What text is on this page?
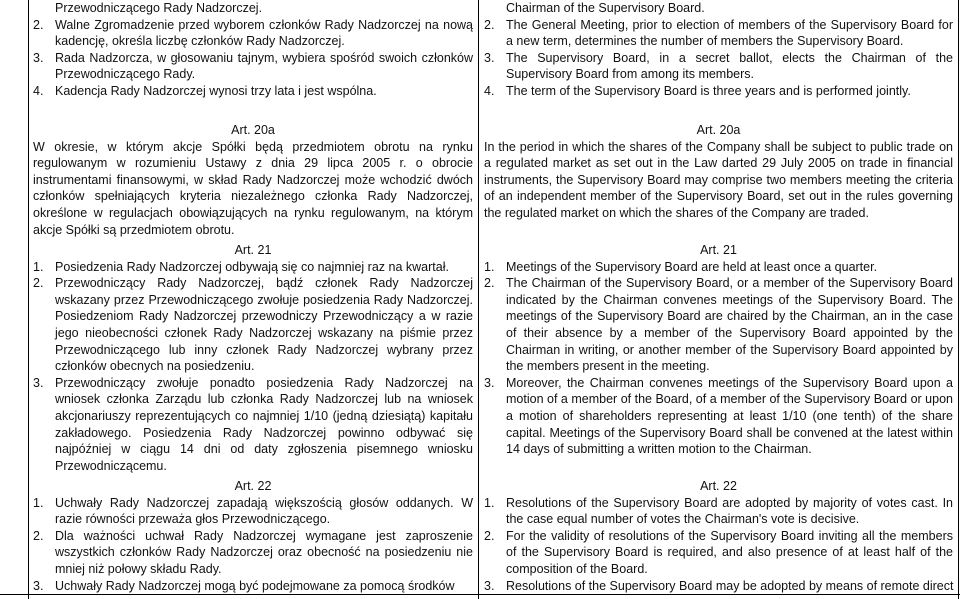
Przewodniczącego Rady Nadzorczej.

2. Walne Zgromadzenie przed wyborem członków Rady Nadzorczej na nową kadencję, określa liczbę członków Rady Nadzorczej.
3. Rada Nadzorcza, w głosowaniu tajnym, wybiera spośród swoich członków Przewodniczącego Rady.
4. Kadencja Rady Nadzorczej wynosi trzy lata i jest wspólna.

Art. 20a

W okresie, w którym akcje Spółki będą przedmiotem obrotu na rynku regulowanym w rozumieniu Ustawy z dnia 29 lipca 2005 r. o obrocie instrumentami finansowymi, w skład Rady Nadzorczej może wchodzić dwóch członków spełniających kryteria niezależnego członka Rady Nadzorczej, określone w regulacjach obowiązujących na rynku regulowanym, na którym akcje Spółki są przedmiotem obrotu.

Art. 21

1. Posiedzenia Rady Nadzorczej odbywają się co najmniej raz na kwartał.
2. Przewodniczący Rady Nadzorczej, bądź członek Rady Nadzorczej wskazany przez Przewodniczącego zwołuje posiedzenia Rady Nadzorczej. Posiedzeniom Rady Nadzorczej przewodniczy Przewodniczący a w razie jego nieobecności członek Rady Nadzorczej wskazany na piśmie przez Przewodniczącego lub inny członek Rady Nadzorczej wybrany przez członków obecnych na posiedzeniu.
3. Przewodniczący zwołuje ponadto posiedzenia Rady Nadzorczej na wniosek członka Zarządu lub członka Rady Nadzorczej lub na wniosek akcjonariuszy reprezentujących co najmniej 1/10 (jedną dziesiątą) kapitału zakładowego. Posiedzenia Rady Nadzorczej powinno odbywać się najpóźniej w ciągu 14 dni od daty zgłoszenia pisemnego wniosku Przewodniczącemu.

Art. 22

1. Uchwały Rady Nadzorczej zapadają większością głosów oddanych. W razie równości przeważa głos Przewodniczącego.
2. Dla ważności uchwał Rady Nadzorczej wymagane jest zaproszenie wszystkich członków Rady Nadzorczej oraz obecność na posiedzeniu nie mniej niż połowy składu Rady.
3. Uchwały Rady Nadzorczej mogą być podejmowane za pomocą środków

Chairman of the Supervisory Board.

2. The General Meeting, prior to election of members of the Supervisory Board for a new term, determines the number of members the Supervisory Board.
3. The Supervisory Board, in a secret ballot, elects the Chairman of the Supervisory Board from among its members.
4. The term of the Supervisory Board is three years and is performed jointly.

Art. 20a

In the period in which the shares of the Company shall be subject to public trade on a regulated market as set out in the Law darted 29 July 2005 on trade in financial instruments, the Supervisory Board may comprise two members meeting the criteria of an independent member of the Supervisory Board, set out in the rules governing the regulated market on which the shares of the Company are traded.

Art. 21

1. Meetings of the Supervisory Board are held at least once a quarter.
2. The Chairman of the Supervisory Board, or a member of the Supervisory Board indicated by the Chairman convenes meetings of the Supervisory Board. The meetings of the Supervisory Board are chaired by the Chairman, an in the case of their absence by a member of the Supervisory Board appointed by the Chairman in writing, or another member of the Supervisory Board appointed by the members present in the meeting.
3. Moreover, the Chairman convenes meetings of the Supervisory Board upon a motion of a member of the Board, of a member of the Supervisory Board or upon a motion of shareholders representing at least 1/10 (one tenth) of the share capital. Meetings of the Supervisory Board shall be convened at the latest within 14 days of submitting a written motion to the Chairman.

Art. 22

1. Resolutions of the Supervisory Board are adopted by majority of votes cast. In the case equal number of votes the Chairman's vote is decisive.
2. For the validity of resolutions of the Supervisory Board inviting all the members of the Supervisory Board is required, and also presence of at least half of the composition of the Board.
3. Resolutions of the Supervisory Board may be adopted by means of remote direct
